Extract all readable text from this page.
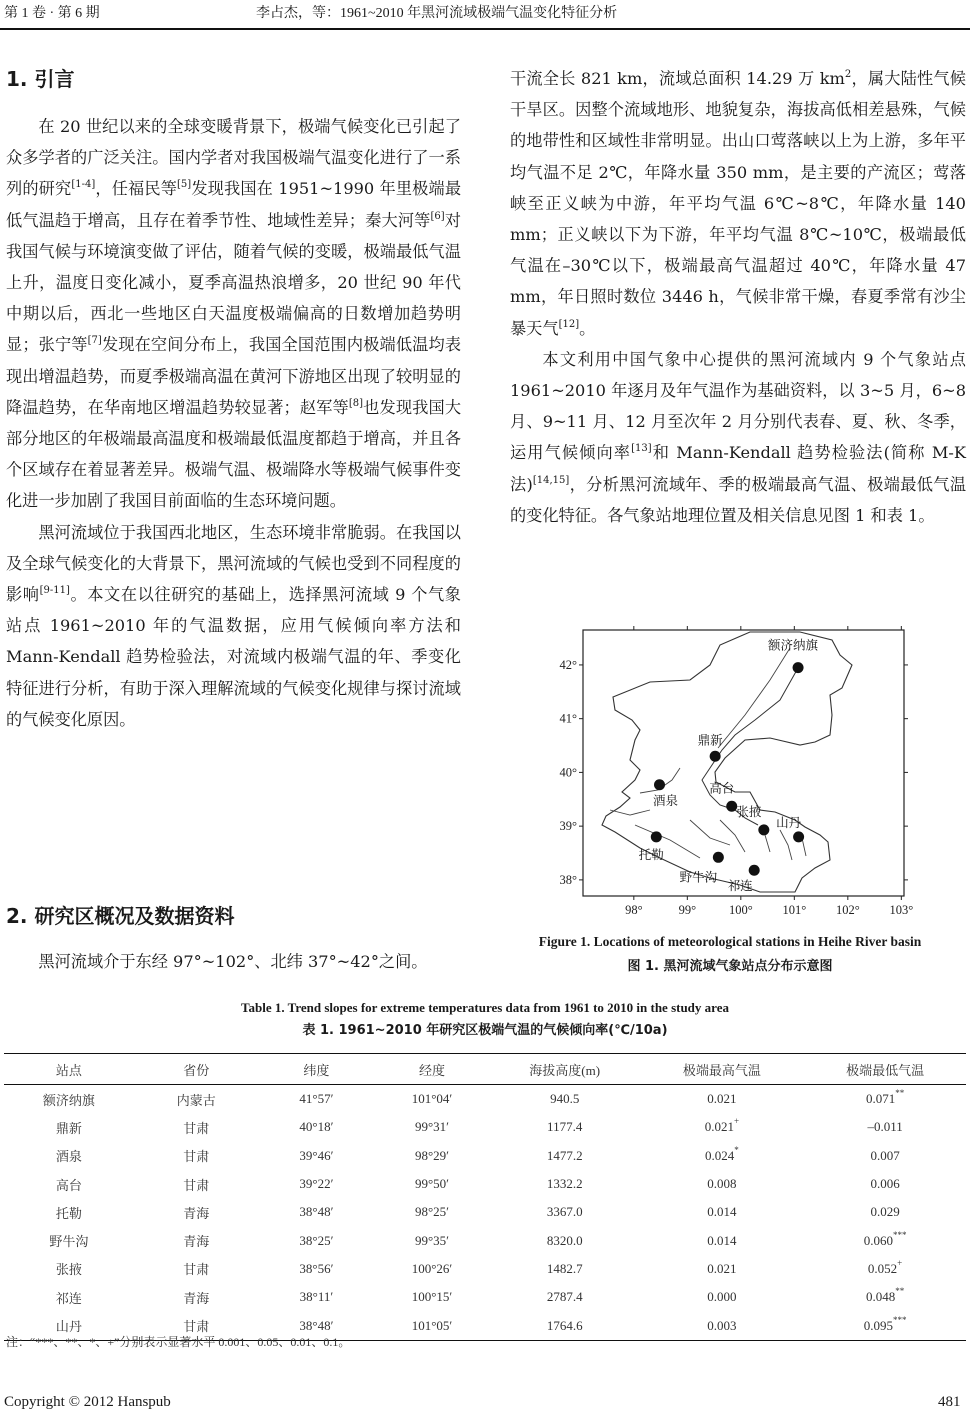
第 1 卷 · 第 6 期	李占杰，等：1961~2010 年黑河流域极端气温变化特征分析
1. 引言

在 20 世纪以来的全球变暖背景下，极端气候变化已引起了众多学者的广泛关注。国内学者对我国极端气温变化进行了一系列的研究[1-4]，任福民等[5]发现我国在 1951~1990 年里极端最低气温趋于增高，且存在着季节性、地域性差异；秦大河等[6]对我国气候与环境演变做了评估，随着气候的变暖，极端最低气温上升，温度日变化减小，夏季高温热浪增多，20 世纪 90 年代中期以后，西北一些地区白天温度极端偏高的日数增加趋势明显；张宁等[7]发现在空间分布上，我国全国范围内极端低温均表现出增温趋势，而夏季极端高温在黄河下游地区出现了较明显的降温趋势，在华南地区增温趋势较显著；赵军等[8]也发现我国大部分地区的年极端最高温度和极端最低温度都趋于增高，并且各个区域存在着显著差异。极端气温、极端降水等极端气候事件变化进一步加剧了我国目前面临的生态环境问题。

黑河流域位于我国西北地区，生态环境非常脆弱。在我国以及全球气候变化的大背景下，黑河流域的气候也受到不同程度的影响[9-11]。本文在以往研究的基础上，选择黑河流域 9 个气象站点 1961~2010 年的气温数据，应用气候倾向率方法和 Mann-Kendall 趋势检验法，对流域内极端气温的年、季变化特征进行分析，有助于深入理解流域的气候变化规律与探讨流域的气候变化原因。

2. 研究区概况及数据资料

黑河流域介于东经 97°~102°、北纬 37°~42°之间。

干流全长 821 km，流域总面积 14.29 万 $km^2$，属大陆性气候干旱区。因整个流域地形、地貌复杂，海拔高低相差悬殊，气候的地带性和区域性非常明显。出山口莺落峡以上为上游，多年平均气温不足 2℃，年降水量 350 mm，是主要的产流区；莺落峡至正义峡为中游，年平均气温 6℃~8℃，年降水量 140 mm；正义峡以下为下游，年平均气温 8℃~10℃，极端最低气温在–30℃以下，极端最高气温超过 40℃，年降水量 47 mm，年日照时数位 3446 h，气候非常干燥，春夏季常有沙尘暴天气[12]。

本文利用中国气象中心提供的黑河流域内 9 个气象站点 1961~2010 年逐月及年气温作为基础资料，以 3~5 月，6~8 月、9~11 月、12 月至次年 2 月分别代表春、夏、秋、冬季，运用气候倾向率[13]和 Mann-Kendall 趋势检验法(简称 M-K 法)[14,15]，分析黑河流域年、季的极端最高气温、极端最低气温的变化特征。各气象站地理位置及相关信息见图 1 和表 1。

42°
41°
40°
39°
38°
98°	99°	100° 101° 102° 103°
额济纳旗
鼎新
酒泉
高台
张掖
山丹
托勒
野牛沟
祁连
Figure 1. Locations of meteorological stations in Heihe River basin
图 1. 黑河流域气象站点分布示意图
Table 1. Trend slopes for extreme temperatures data from 1961 to 2010 in the study area
表 1. 1961~2010 年研究区极端气温的气候倾向率(℃/10a)
站点	省份	纬度	经度	海拔高度(m)	极端最高气温	极端最低气温
额济纳旗	内蒙古	41°57′	101°04′	940.5	0.021	0.071**
鼎新	甘肃	40°18′	99°31′	1177.4	0.021+	–0.011
酒泉	甘肃	39°46′	98°29′	1477.2	0.024*	0.007
高台	甘肃	39°22′	99°50′	1332.2	0.008	0.006
托勒	青海	38°48′	98°25′	3367.0	0.014	0.029
野牛沟	青海	38°25′	99°35′	8320.0	0.014	0.060***
张掖	甘肃	38°56′	100°26′	1482.7	0.021	0.052+
祁连	青海	38°11′	100°15′	2787.4	0.000	0.048**
山丹	甘肃	38°48′	101°05′	1764.6	0.003	0.095***
注：“***、**、*、+”分别表示显著水平 0.001、0.05、0.01、0.1。
Copyright © 2012 Hanspub	481
